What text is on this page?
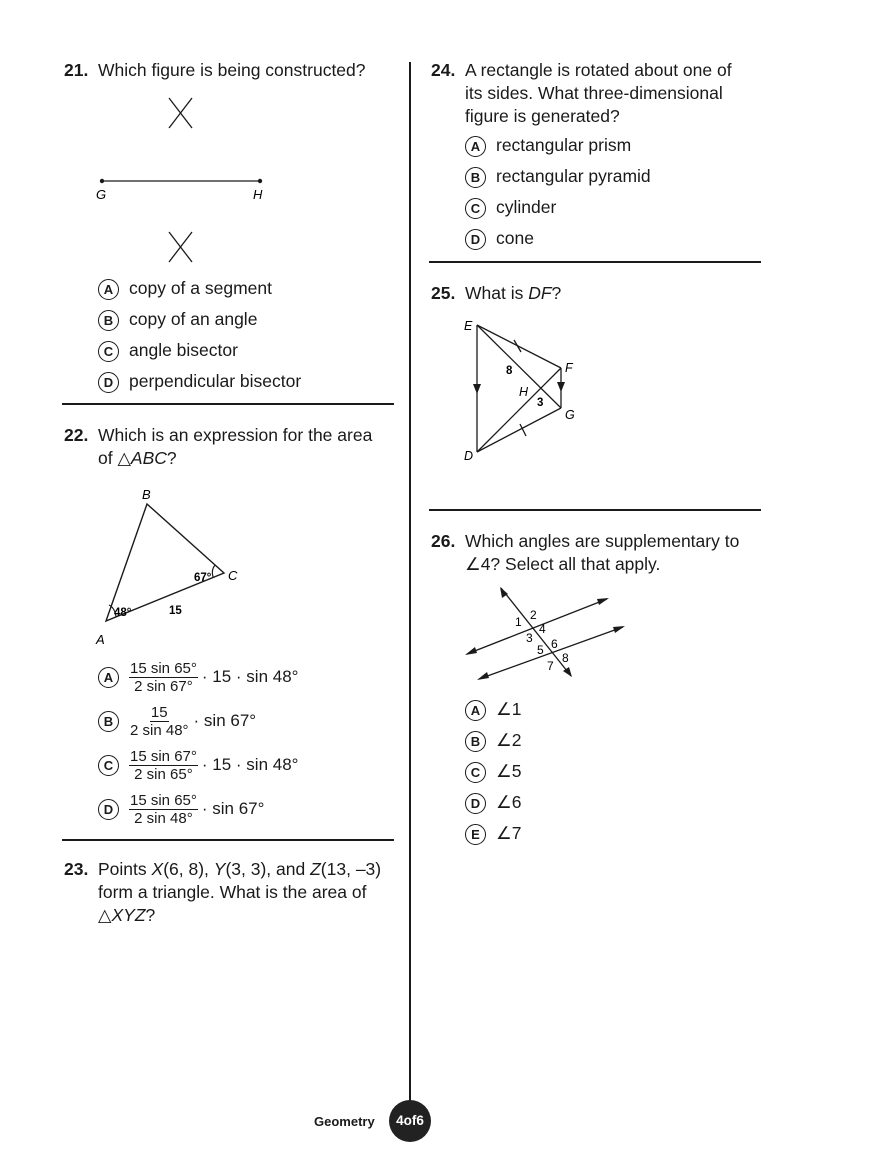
21. Which figure is being constructed?
G	H
A copy of a segment
B copy of an angle
C angle bisector
D perpendicular bisector
22. Which is an expression for the area
of △ABC?
B
C
A
67°
48°	15
A $\frac{15 \sin 65^\circ}{2 \sin 67^\circ} \cdot 15 \cdot \sin 48^\circ$
B $\frac{15}{2 \sin 48^\circ} \cdot \sin 67^\circ$
C $\frac{15 \sin 67^\circ}{2 \sin 65^\circ} \cdot 15 \cdot \sin 48^\circ$
D $\frac{15 \sin 65^\circ}{2 \sin 48^\circ} \cdot \sin 67^\circ$
23. Points X(6, 8), Y(3, 3), and Z(13, –3)
form a triangle. What is the area of
△XYZ?
24. A rectangle is rotated about one of
its sides. What three-dimensional
figure is generated?
A rectangular prism
B rectangular pyramid
C cylinder
D cone
25. What is DF?
E
F
G
D
H
8
3
26. Which angles are supplementary to
∠4? Select all that apply.
1 2
3
4
5 6
7
8
A ∠1
B ∠2
C ∠5
D ∠6
E ∠7
Geometry	4of6
